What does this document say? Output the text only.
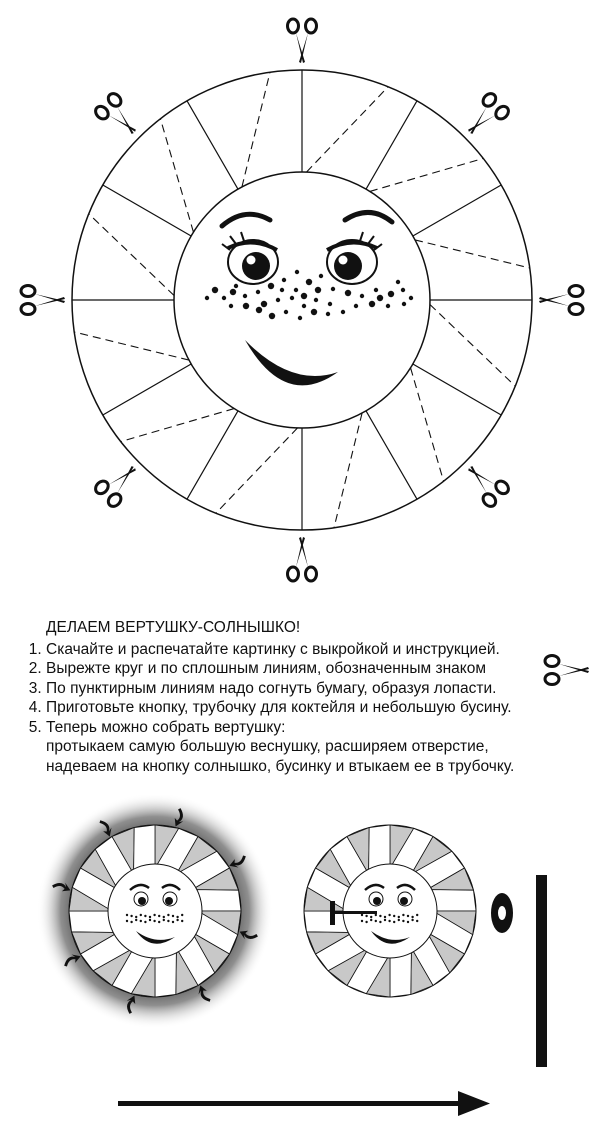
ДЕЛАЕМ ВЕРТУШКУ-СОЛНЫШКО!
1. Скачайте и распечатайте картинку с выкройкой и инструкцией.
2. Вырежте круг и по сплошным линиям, обозначенным знаком
3. По пунктирным линиям надо согнуть бумагу, образуя лопасти.
4. Приготовьте кнопку, трубочку для коктейля и небольшую бусину.
5. Теперь можно собрать вертушку:
протыкаем самую большую веснушку, расширяем отверстие,
надеваем на кнопку солнышко, бусинку и втыкаем ее в трубочку.
